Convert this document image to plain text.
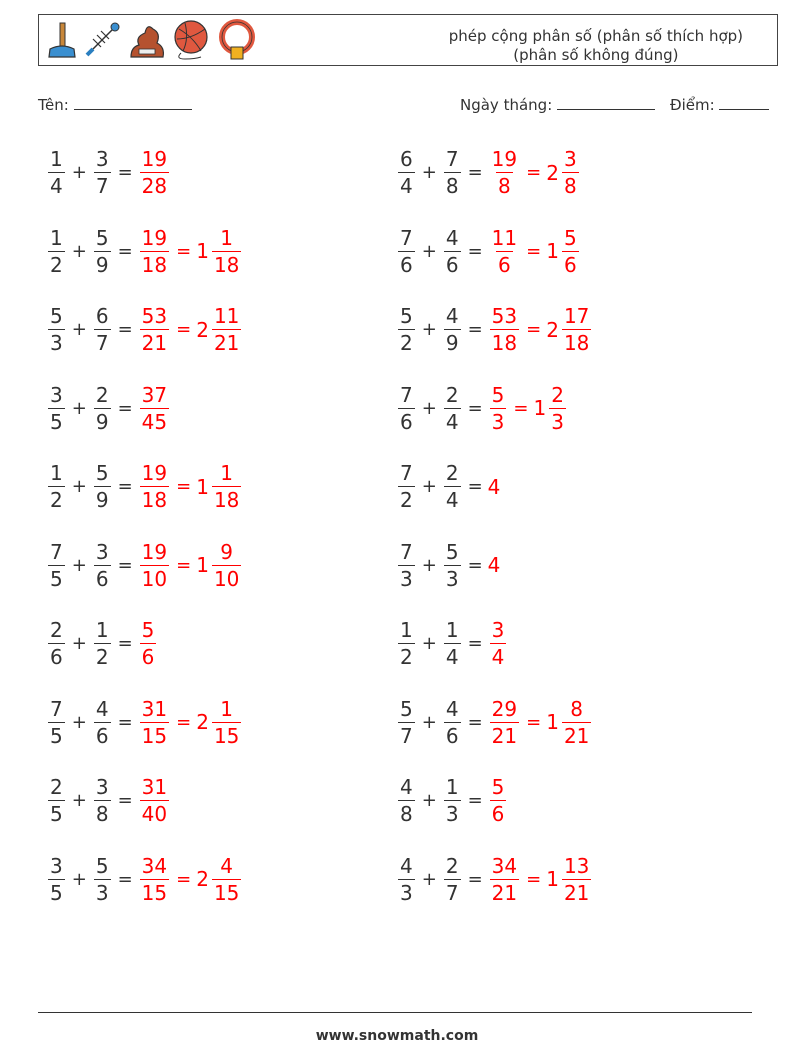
phép cộng phân số (phân số thích hợp)
(phân số không đúng)
Tên:	Ngày tháng:	Điểm:
$\frac{1}{4} + \frac{3}{7} = \frac{19}{28}$
$\frac{1}{2} + \frac{5}{9} = \frac{19}{18} = 1 \frac{1}{18}$
$\frac{5}{3} + \frac{6}{7} = \frac{53}{21} = 2 \frac{11}{21}$
$\frac{3}{5} + \frac{2}{9} = \frac{37}{45}$
$\frac{1}{2} + \frac{5}{9} = \frac{19}{18} = 1 \frac{1}{18}$
$\frac{7}{5} + \frac{3}{6} = \frac{19}{10} = 1 \frac{9}{10}$
$\frac{2}{6} + \frac{1}{2} = \frac{5}{6}$
$\frac{7}{5} + \frac{4}{6} = \frac{31}{15} = 2 \frac{1}{15}$
$\frac{2}{5} + \frac{3}{8} = \frac{31}{40}$
$\frac{3}{5} + \frac{5}{3} = \frac{34}{15} = 2 \frac{4}{15}$
$\frac{6}{4} + \frac{7}{8} = \frac{19}{8} = 2 \frac{3}{8}$
$\frac{7}{6} + \frac{4}{6} = \frac{11}{6} = 1 \frac{5}{6}$
$\frac{5}{2} + \frac{4}{9} = \frac{53}{18} = 2 \frac{17}{18}$
$\frac{7}{6} + \frac{2}{4} = \frac{5}{3} = 1 \frac{2}{3}$
$\frac{7}{2} + \frac{2}{4} = 4$
$\frac{7}{3} + \frac{5}{3} = 4$
$\frac{1}{2} + \frac{1}{4} = \frac{3}{4}$
$\frac{5}{7} + \frac{4}{6} = \frac{29}{21} = 1 \frac{8}{21}$
$\frac{4}{8} + \frac{1}{3} = \frac{5}{6}$
$\frac{4}{3} + \frac{2}{7} = \frac{34}{21} = 1 \frac{13}{21}$
www.snowmath.com
